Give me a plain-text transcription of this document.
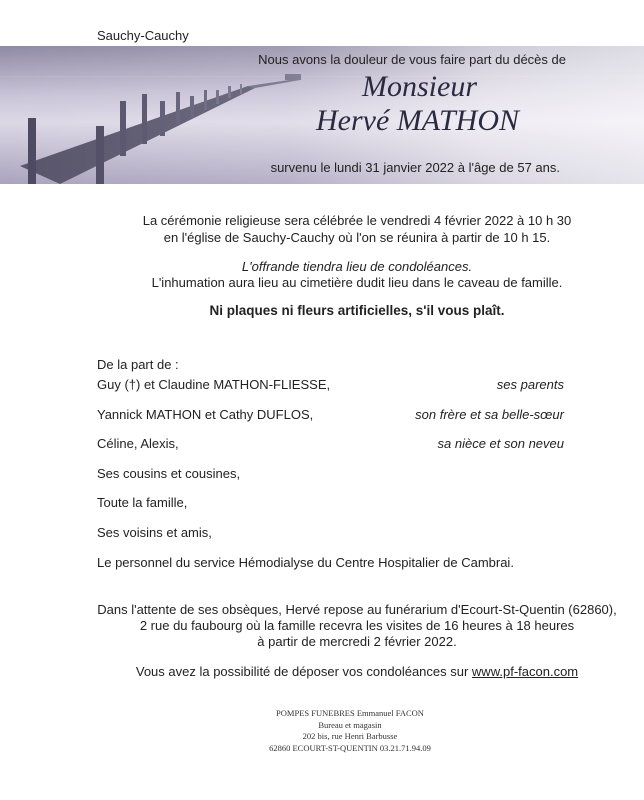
Sauchy-Cauchy
Nous avons la douleur de vous faire part du décès de
Monsieur
Hervé MATHON
survenu le lundi 31 janvier 2022 à l'âge de 57 ans.
La cérémonie religieuse sera célébrée le vendredi 4 février 2022 à 10 h 30
en l'église de Sauchy-Cauchy où l'on se réunira à partir de 10 h 15.
L'offrande tiendra lieu de condoléances.
L'inhumation aura lieu au cimetière dudit lieu dans le caveau de famille.
Ni plaques ni fleurs artificielles, s'il vous plaît.
De la part de :
Guy (†) et Claudine MATHON-FLIESSE,	ses parents
Yannick MATHON et Cathy DUFLOS,	son frère et sa belle-sœur
Céline, Alexis,	sa nièce et son neveu
Ses cousins et cousines,
Toute la famille,
Ses voisins et amis,
Le personnel du service Hémodialyse du Centre Hospitalier de Cambrai.
Dans l'attente de ses obsèques, Hervé repose au funérarium d'Ecourt-St-Quentin (62860),
2 rue du faubourg où la famille recevra les visites de 16 heures à 18 heures
à partir de mercredi 2 février 2022.
Vous avez la possibilité de déposer vos condoléances sur www.pf-facon.com
POMPES FUNEBRES Emmanuel FACON
Bureau et magasin
202 bis, rue Henri Barbusse
62860 ECOURT-ST-QUENTIN 03.21.71.94.09
